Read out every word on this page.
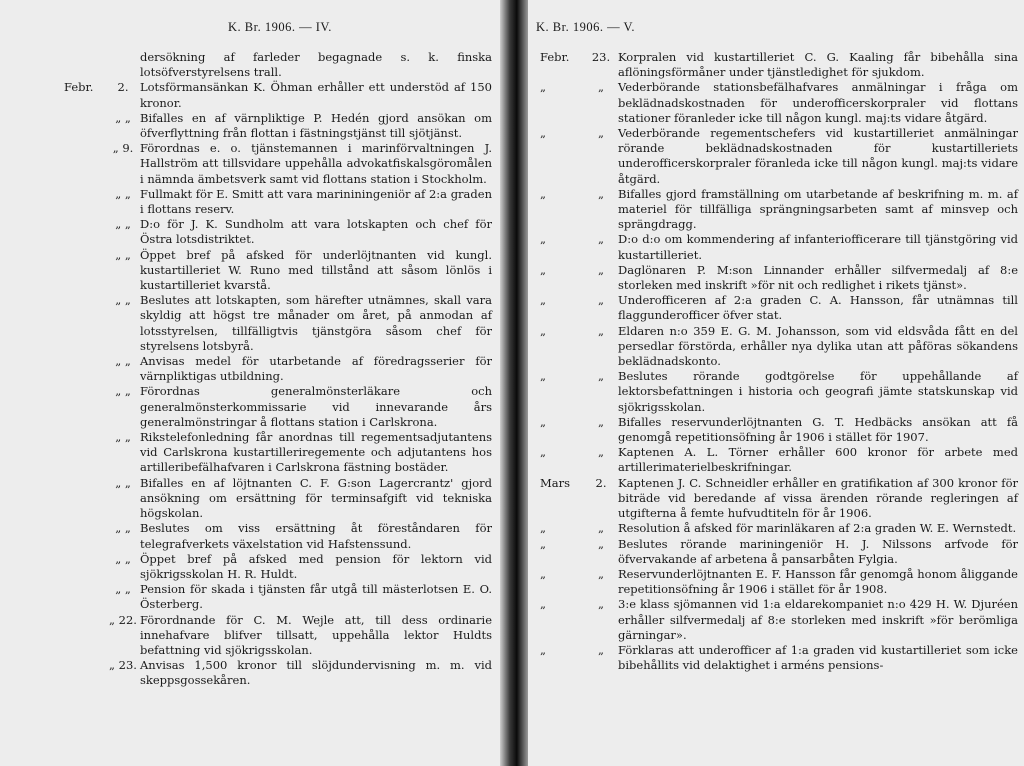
K. Br. 1906. — IV.
dersökning af farleder begagnade s. k. finska lotsöfverstyrelsens trall.
Febr.	2.	Lotsförmansänkan K. Öhman erhåller ett understöd af 150 kronor.
„ „ Bifalles en af värnpliktige P. Hedén gjord ansökan om öfverflyttning från flottan i fästningstjänst till sjötjänst.
„ 9. Förordnas e. o. tjänstemannen i marinförvaltningen J. Hallström att tillsvidare uppehålla advokatfiskalsgöromålen i nämnda ämbetsverk samt vid flottans station i Stockholm.
„ „ Fullmakt för E. Smitt att vara marininingeniör af 2:a graden i flottans reserv.
„ „ D:o för J. K. Sundholm att vara lotskapten och chef för Östra lotsdistriktet.
„ „ Öppet bref på afsked för underlöjtnanten vid kungl. kustartilleriet W. Runo med tillstånd att såsom lönlös i kustartilleriet kvarstå.
„ „ Beslutes att lotskapten, som härefter utnämnes, skall vara skyldig att högst tre månader om året, på anmodan af lotsstyrelsen, tillfälligtvis tjänstgöra såsom chef för styrelsens lotsbyrå.
„ „ Anvisas medel för utarbetande af föredragsserier för värnpliktigas utbildning.
„ „ Förordnas generalmönsterläkare och generalmönsterkommissarie vid innevarande års generalmönstringar å flottans station i Carlskrona.
„ „ Rikstelefonledning får anordnas till regementsadjutantens vid Carlskrona kustartilleriregemente och adjutantens hos artilleribefälhafvaren i Carlskrona fästning bostäder.
„ „ Bifalles en af löjtnanten C. F. G:son Lagercrantz' gjord ansökning om ersättning för terminsafgift vid tekniska högskolan.
„ „ Beslutes om viss ersättning åt föreståndaren för telegrafverkets växelstation vid Hafstenssund.
„ „ Öppet bref på afsked med pension för lektorn vid sjökrigsskolan H. R. Huldt.
„ „ Pension för skada i tjänsten får utgå till mästerlotsen E. O. Österberg.
„ 22. Förordnande för C. M. Wejle att, till dess ordinarie innehafvare blifver tillsatt, uppehålla lektor Huldts befattning vid sjökrigsskolan.
„ 23. Anvisas 1,500 kronor till slöjdundervisning m. m. vid skeppsgossekåren.
K. Br. 1906. — V.
Febr.	23. Korpralen vid kustartilleriet C. G. Kaaling får bibehålla sina aflöningsförmåner under tjänstledighet för sjukdom.
„	„	Vederbörande stationsbefälhafvares anmälningar i fråga om beklädnadskostnaden för underofficerskorpraler vid flottans stationer föranleder icke till någon kungl. maj:ts vidare åtgärd.
„	„	Vederbörande regementschefers vid kustartilleriet anmälningar rörande beklädnadskostnaden för kustartilleriets underofficerskorpraler föranleda icke till någon kungl. maj:ts vidare åtgärd.
„	„	Bifalles gjord framställning om utarbetande af beskrifning m. m. af materiel för tillfälliga sprängningsarbeten samt af minsvep och sprängdragg.
„	„	D:o d:o om kommendering af infanteriofficerare till tjänstgöring vid kustartilleriet.
„	„	Daglönaren P. M:son Linnander erhåller silfvermedalj af 8:e storleken med inskrift »för nit och redlighet i rikets tjänst».
„	„	Underofficeren af 2:a graden C. A. Hansson, får utnämnas till flaggunderofficer öfver stat.
„	„	Eldaren n:o 359 E. G. M. Johansson, som vid eldsvåda fått en del persedlar förstörda, erhåller nya dylika utan att påföras sökandens beklädnadskonto.
„	„	Beslutes rörande godtgörelse för uppehållande af lektorsbefattningen i historia och geografi jämte statskunskap vid sjökrigsskolan.
„	„	Bifalles reservunderlöjtnanten G. T. Hedbäcks ansökan att få genomgå repetitionsöfning år 1906 i stället för 1907.
„	„	Kaptenen A. L. Törner erhåller 600 kronor för arbete med artillerimaterielbeskrifningar.
Mars	2.	Kaptenen J. C. Schneidler erhåller en gratifikation af 300 kronor för biträde vid beredande af vissa ärenden rörande regleringen af utgifterna å femte hufvudtiteln för år 1906.
„	„	Resolution å afsked för marinläkaren af 2:a graden W. E. Wernstedt.
„	„	Beslutes rörande mariningeniör H. J. Nilssons arfvode för öfvervakande af arbetena å pansarbåten Fylgia.
„	„	Reservunderlöjtnanten E. F. Hansson får genomgå honom åliggande repetitionsöfning år 1906 i stället för år 1908.
„	„	3:e klass sjömannen vid 1:a eldarekompaniet n:o 429 H. W. Djuréen erhåller silfvermedalj af 8:e storleken med inskrift »för berömliga gärningar».
„	„	Förklaras att underofficer af 1:a graden vid kustartilleriet som icke bibehållits vid delaktighet i arméns pensions-
